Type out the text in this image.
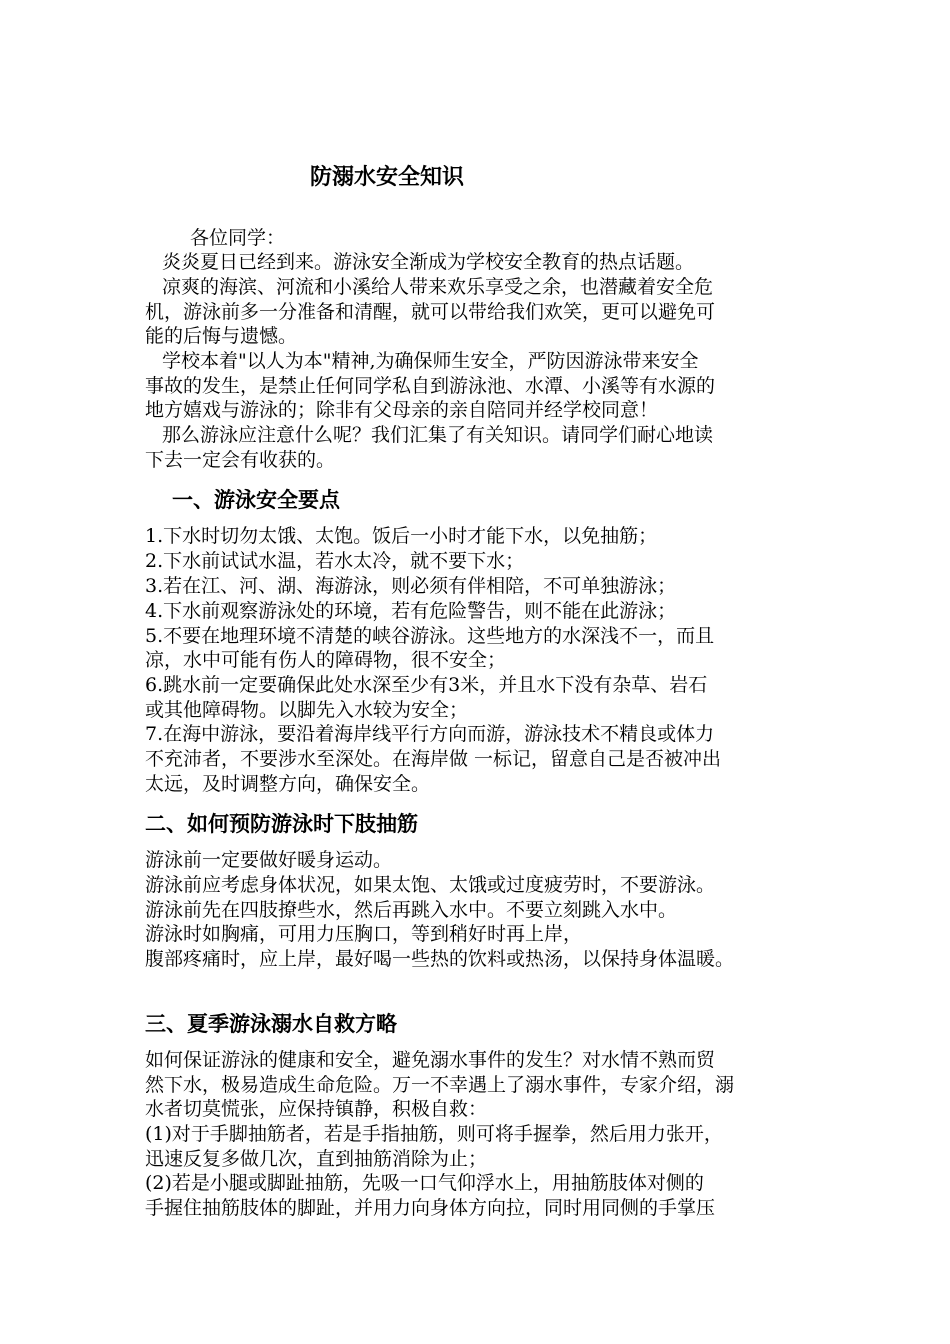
防溺水安全知识
各位同学：
炎炎夏日已经到来。游泳安全渐成为学校安全教育的热点话题。
凉爽的海滨、河流和小溪给人带来欢乐享受之余，也潜藏着安全危
机，游泳前多一分准备和清醒，就可以带给我们欢笑，更可以避免可
能的后悔与遗憾。
学校本着"以人为本"精神,为确保师生安全，严防因游泳带来安全
事故的发生，是禁止任何同学私自到游泳池、水潭、小溪等有水源的
地方嬉戏与游泳的；除非有父母亲的亲自陪同并经学校同意！
那么游泳应注意什么呢？我们汇集了有关知识。请同学们耐心地读
下去一定会有收获的。
一、游泳安全要点
1.下水时切勿太饿、太饱。饭后一小时才能下水，以免抽筋；
2.下水前试试水温，若水太冷，就不要下水；
3.若在江、河、湖、海游泳，则必须有伴相陪，不可单独游泳；
4.下水前观察游泳处的环境，若有危险警告，则不能在此游泳；
5.不要在地理环境不清楚的峡谷游泳。这些地方的水深浅不一，而且
凉，水中可能有伤人的障碍物，很不安全；
6.跳水前一定要确保此处水深至少有3米，并且水下没有杂草、岩石
或其他障碍物。以脚先入水较为安全；
7.在海中游泳，要沿着海岸线平行方向而游，游泳技术不精良或体力
不充沛者，不要涉水至深处。在海岸做 一标记，留意自己是否被冲出
太远，及时调整方向，确保安全。
二、如何预防游泳时下肢抽筋
游泳前一定要做好暖身运动。
游泳前应考虑身体状况，如果太饱、太饿或过度疲劳时，不要游泳。
游泳前先在四肢撩些水，然后再跳入水中。不要立刻跳入水中。
游泳时如胸痛，可用力压胸口，等到稍好时再上岸，
腹部疼痛时，应上岸，最好喝一些热的饮料或热汤，以保持身体温暖。
三、夏季游泳溺水自救方略
如何保证游泳的健康和安全，避免溺水事件的发生？对水情不熟而贸
然下水，极易造成生命危险。万一不幸遇上了溺水事件，专家介绍，溺
水者切莫慌张，应保持镇静，积极自救：
(1)对于手脚抽筋者，若是手指抽筋，则可将手握拳，然后用力张开，
迅速反复多做几次，直到抽筋消除为止；
(2)若是小腿或脚趾抽筋，先吸一口气仰浮水上，用抽筋肢体对侧的
手握住抽筋肢体的脚趾，并用力向身体方向拉，同时用同侧的手掌压
